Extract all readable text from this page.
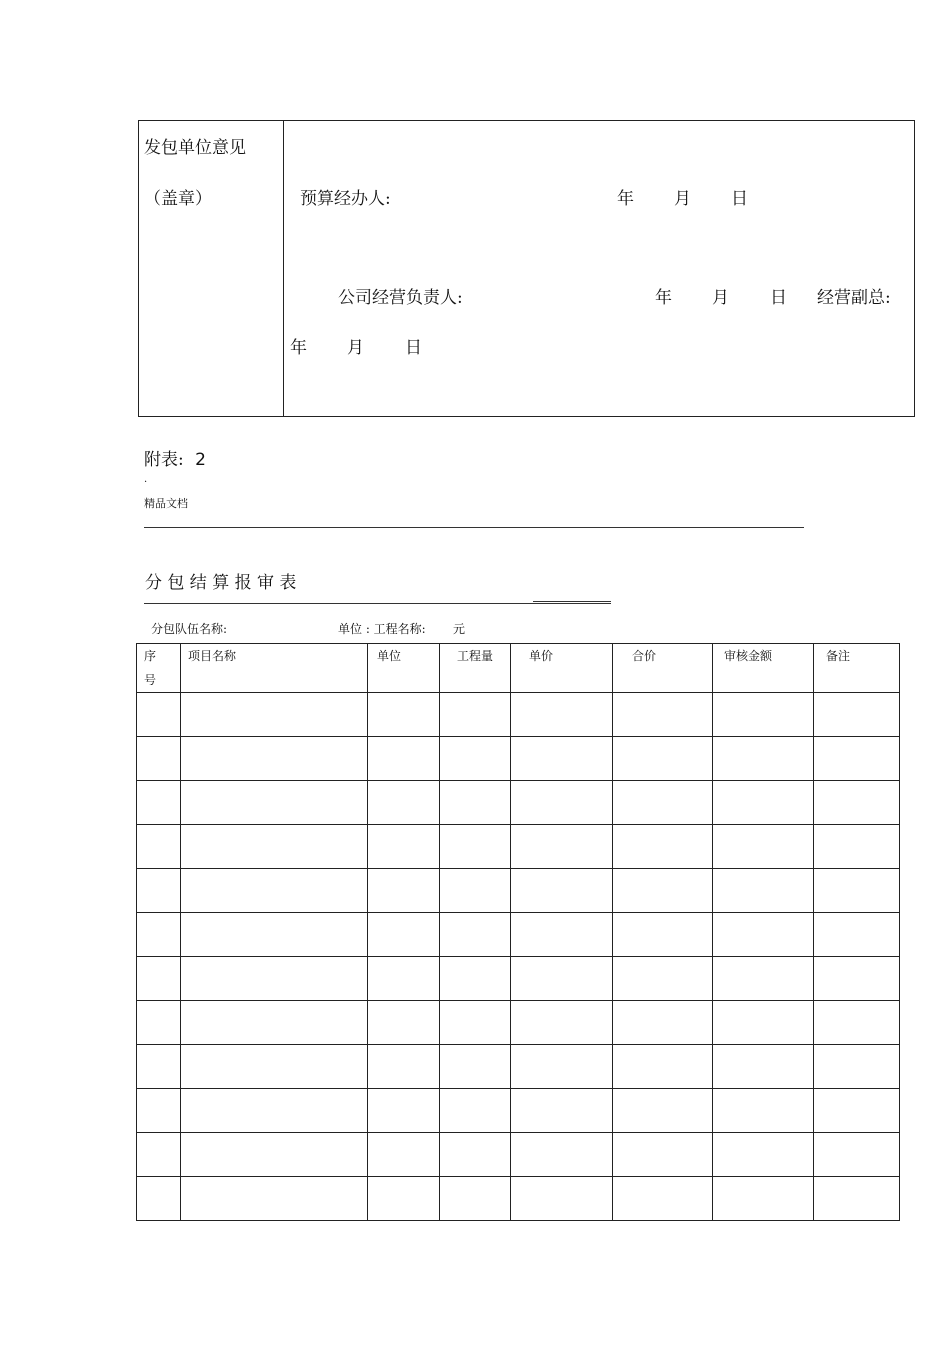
发包单位意见
（盖章）	预算经办人:	年 月 日
公司经营负责人:	年 月 日 经营副总:
年 月 日
附表: 2
.
精品文档
分 包 结 算 报 审 表
分包队伍名称:	单位 : 工程名称: 元
序
号	项目名称	单位	工程量	单价	合价	审核金额	备注
